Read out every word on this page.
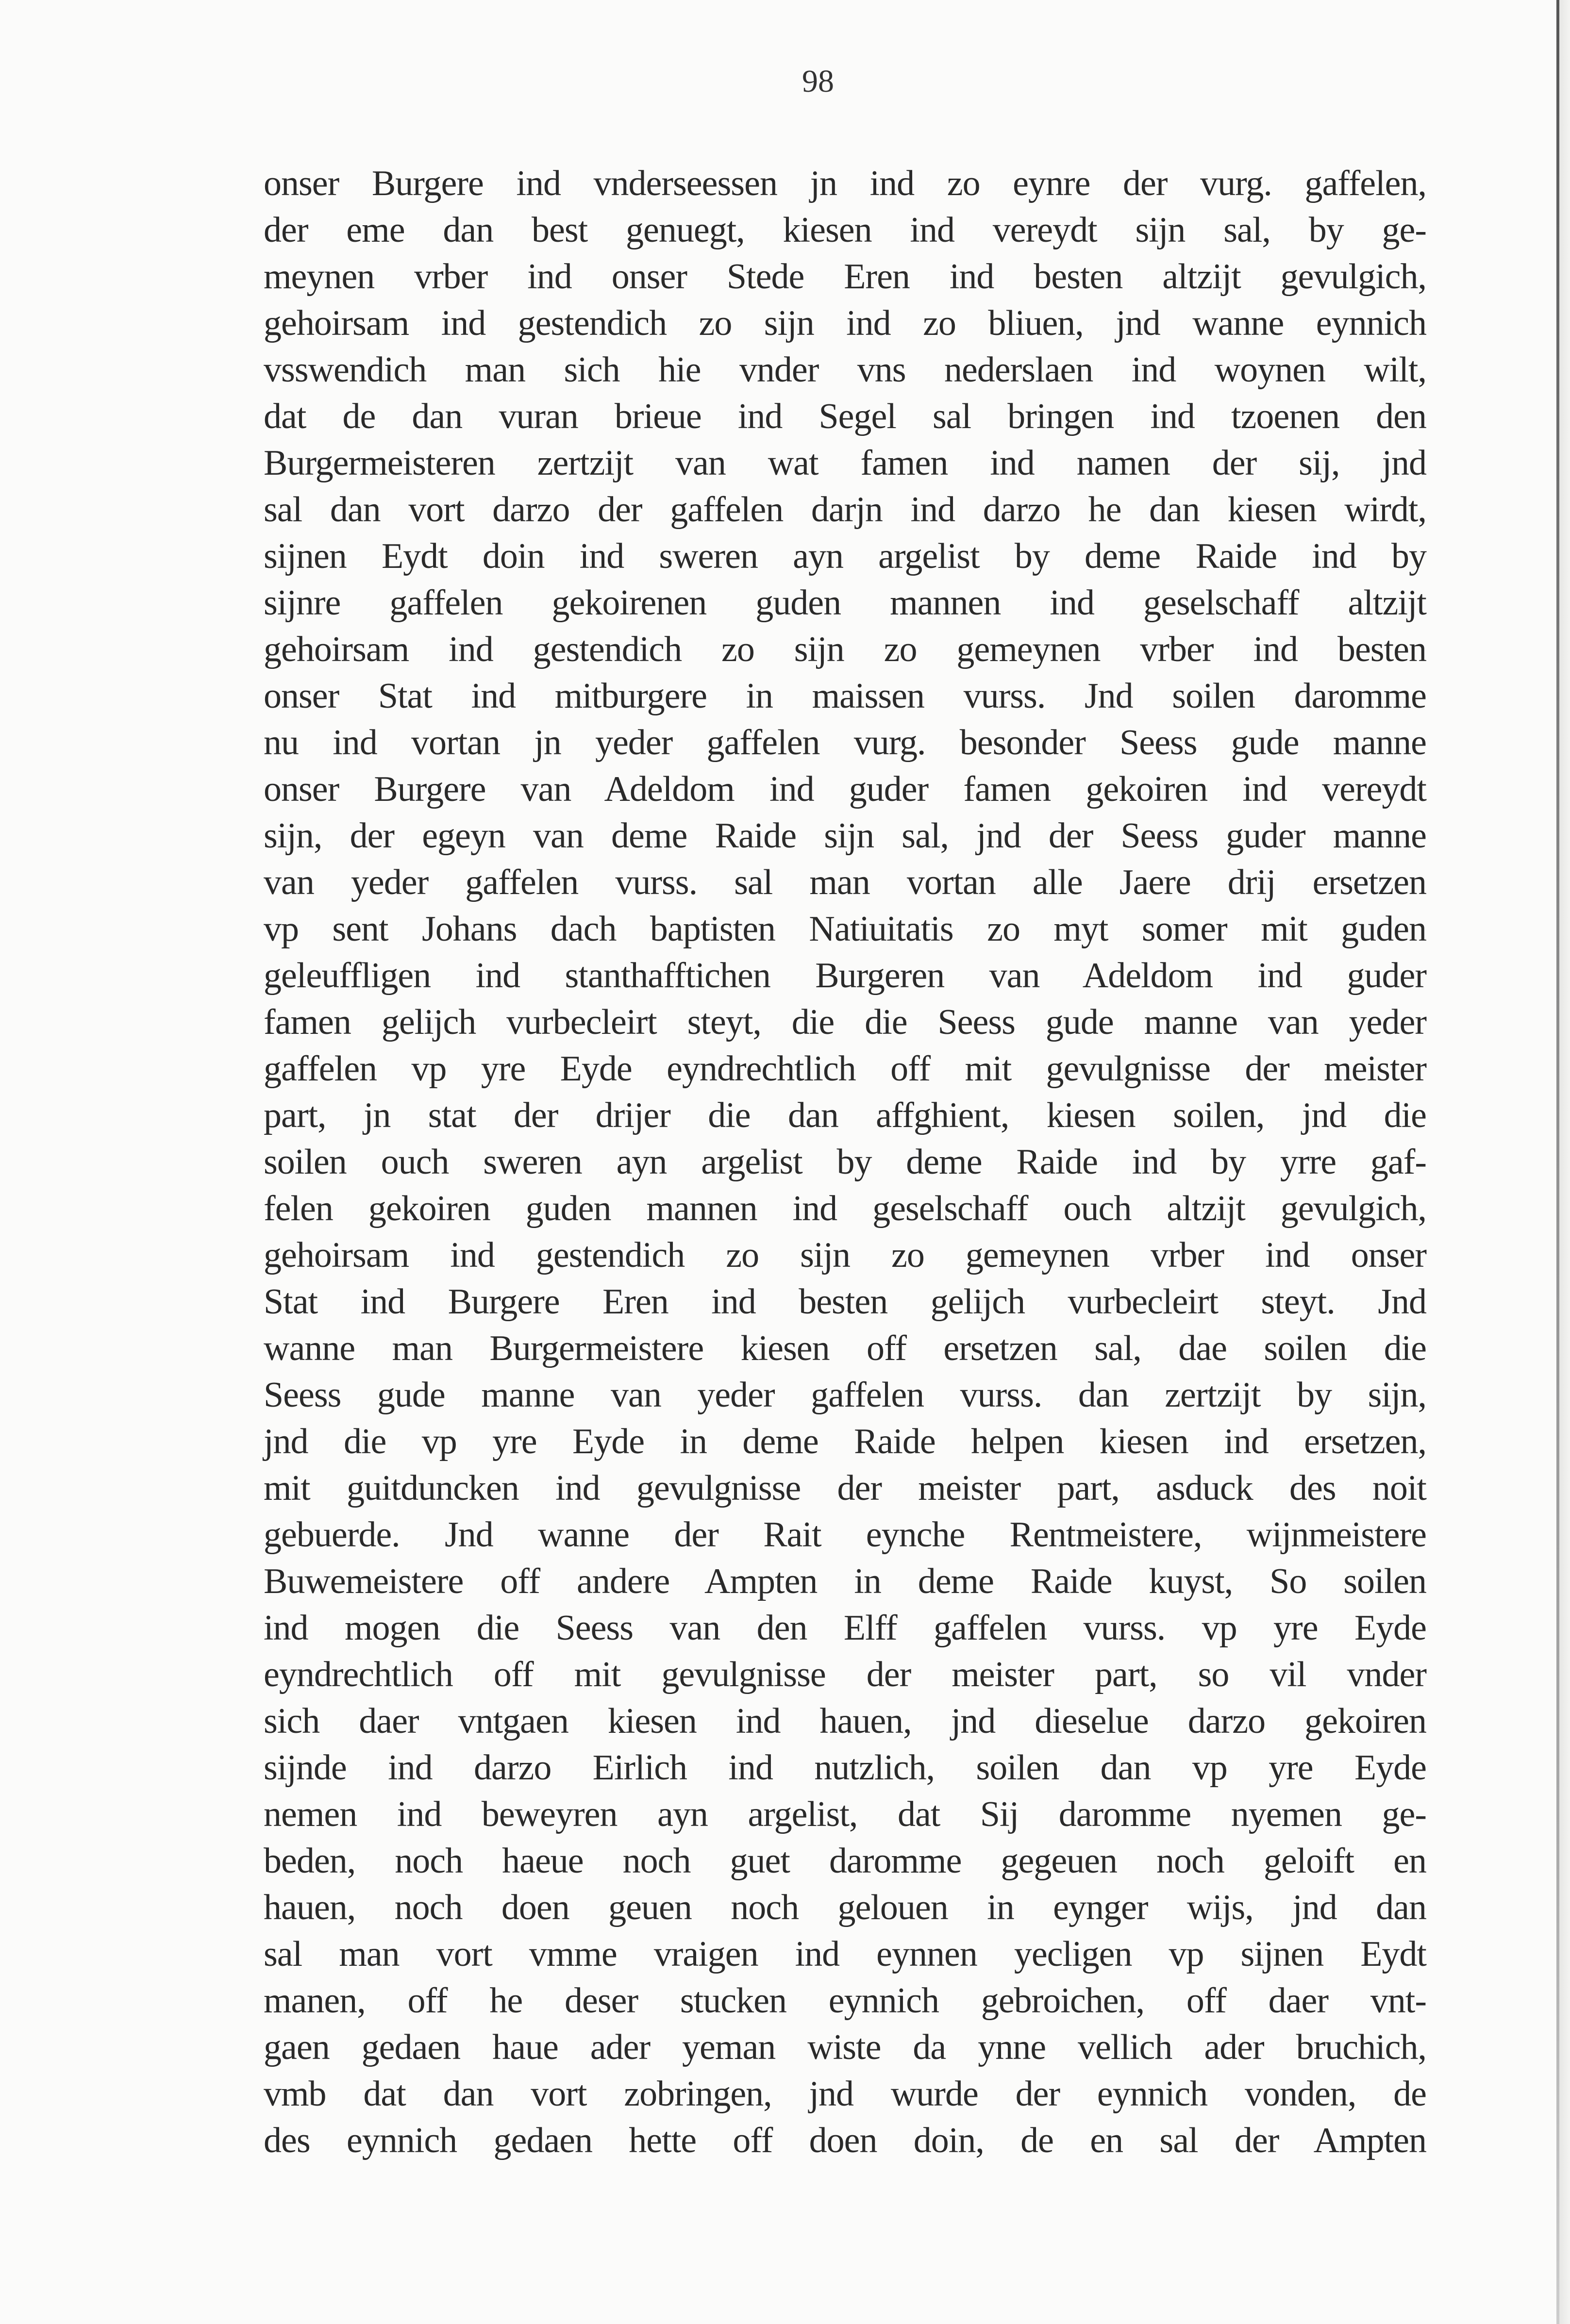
98
onser Burgere ind vnderseessen jn ind zo eynre der vurg. gaffelen,
der eme dan best genuegt, kiesen ind vereydt sijn sal, by ge-
meynen vrber ind onser Stede Eren ind besten altzijt gevulgich,
gehoirsam ind gestendich zo sijn ind zo bliuen, jnd wanne eynnich
vsswendich man sich hie vnder vns nederslaen ind woynen wilt,
dat de dan vuran brieue ind Segel sal bringen ind tzoenen den
Burgermeisteren zertzijt van wat famen ind namen der sij, jnd
sal dan vort darzo der gaffelen darjn ind darzo he dan kiesen wirdt,
sijnen Eydt doin ind sweren ayn argelist by deme Raide ind by
sijnre gaffelen gekoirenen guden mannen ind geselschaff altzijt
gehoirsam ind gestendich zo sijn zo gemeynen vrber ind besten
onser Stat ind mitburgere in maissen vurss. Jnd soilen daromme
nu ind vortan jn yeder gaffelen vurg. besonder Seess gude manne
onser Burgere van Adeldom ind guder famen gekoiren ind vereydt
sijn, der egeyn van deme Raide sijn sal, jnd der Seess guder manne
van yeder gaffelen vurss. sal man vortan alle Jaere drij ersetzen
vp sent Johans dach baptisten Natiuitatis zo myt somer mit guden
geleuffligen ind stanthafftichen Burgeren van Adeldom ind guder
famen gelijch vurbecleirt steyt, die die Seess gude manne van yeder
gaffelen vp yre Eyde eyndrechtlich off mit gevulgnisse der meister
part, jn stat der drijer die dan affghient, kiesen soilen, jnd die
soilen ouch sweren ayn argelist by deme Raide ind by yrre gaf-
felen gekoiren guden mannen ind geselschaff ouch altzijt gevulgich,
gehoirsam ind gestendich zo sijn zo gemeynen vrber ind onser
Stat ind Burgere Eren ind besten gelijch vurbecleirt steyt. Jnd
wanne man Burgermeistere kiesen off ersetzen sal, dae soilen die
Seess gude manne van yeder gaffelen vurss. dan zertzijt by sijn,
jnd die vp yre Eyde in deme Raide helpen kiesen ind ersetzen,
mit guitduncken ind gevulgnisse der meister part, asduck des noit
gebuerde. Jnd wanne der Rait eynche Rentmeistere, wijnmeistere
Buwemeistere off andere Ampten in deme Raide kuyst, So soilen
ind mogen die Seess van den Elff gaffelen vurss. vp yre Eyde
eyndrechtlich off mit gevulgnisse der meister part, so vil vnder
sich daer vntgaen kiesen ind hauen, jnd dieselue darzo gekoiren
sijnde ind darzo Eirlich ind nutzlich, soilen dan vp yre Eyde
nemen ind beweyren ayn argelist, dat Sij daromme nyemen ge-
beden, noch haeue noch guet daromme gegeuen noch geloift en
hauen, noch doen geuen noch gelouen in eynger wijs, jnd dan
sal man vort vmme vraigen ind eynnen yecligen vp sijnen Eydt
manen, off he deser stucken eynnich gebroichen, off daer vnt-
gaen gedaen haue ader yeman wiste da ynne vellich ader bruchich,
vmb dat dan vort zobringen, jnd wurde der eynnich vonden, de
des eynnich gedaen hette off doen doin, de en sal der Ampten
